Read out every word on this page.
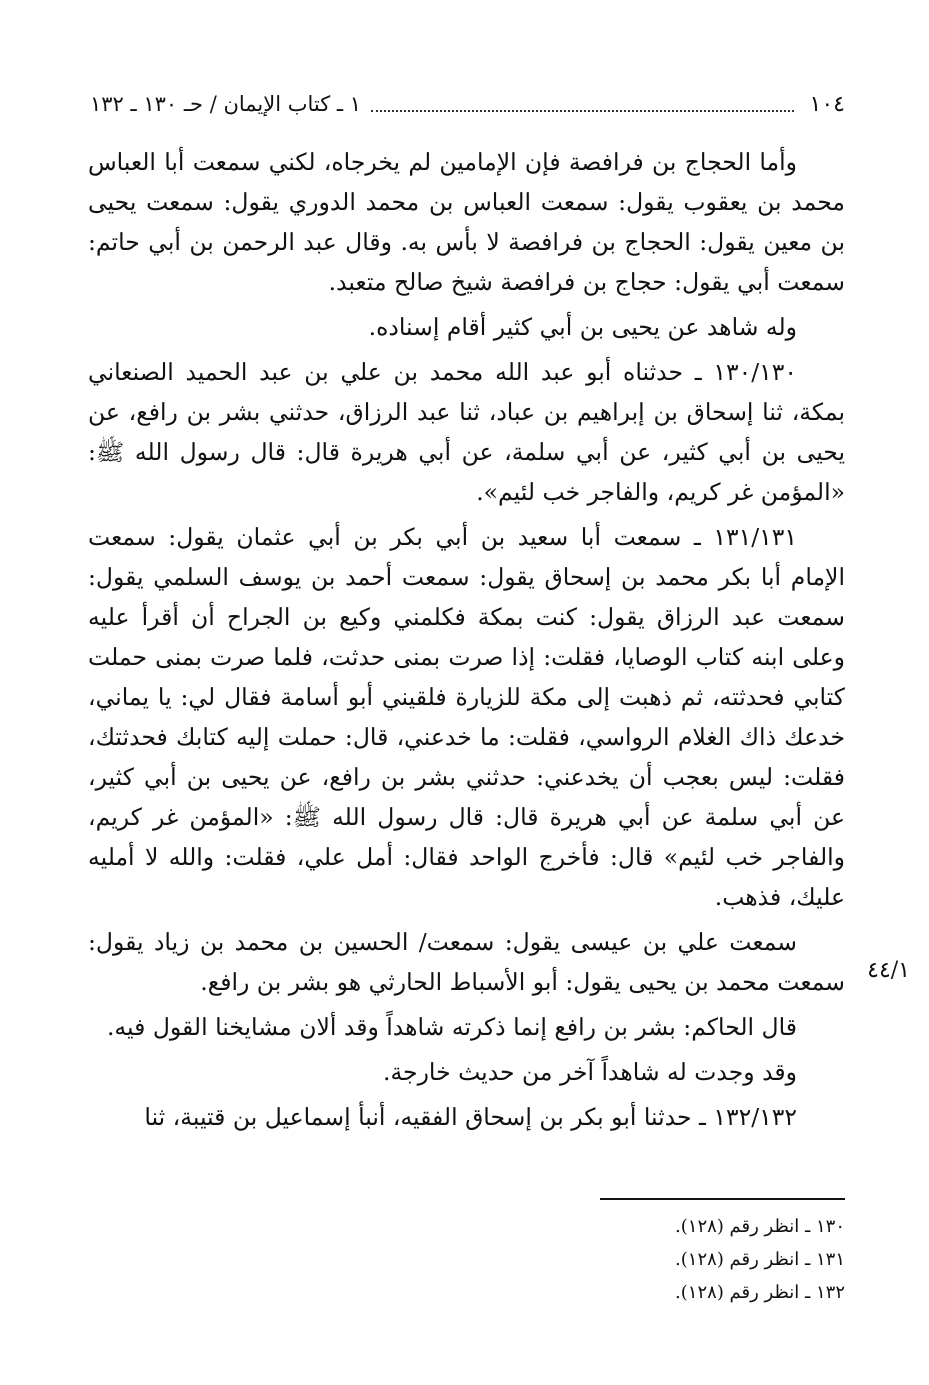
١٠٤
١ ـ كتاب الإيمان / حـ ١٣٠ ـ ١٣٢

وأما الحجاج بن فرافصة فإن الإمامين لم يخرجاه، لكني سمعت أبا العباس محمد بن يعقوب يقول: سمعت العباس بن محمد الدوري يقول: سمعت يحيى بن معين يقول: الحجاج بن فرافصة لا بأس به. وقال عبد الرحمن بن أبي حاتم: سمعت أبي يقول: حجاج بن فرافصة شيخ صالح متعبد.

وله شاهد عن يحيى بن أبي كثير أقام إسناده.

١٣٠/١٣٠ ـ حدثناه أبو عبد الله محمد بن علي بن عبد الحميد الصنعاني بمكة، ثنا إسحاق بن إبراهيم بن عباد، ثنا عبد الرزاق، حدثني بشر بن رافع، عن يحيى بن أبي كثير، عن أبي سلمة، عن أبي هريرة قال: قال رسول الله ﷺ: «المؤمن غر كريم، والفاجر خب لئيم».

١٣١/١٣١ ـ سمعت أبا سعيد بن أبي بكر بن أبي عثمان يقول: سمعت الإمام أبا بكر محمد بن إسحاق يقول: سمعت أحمد بن يوسف السلمي يقول: سمعت عبد الرزاق يقول: كنت بمكة فكلمني وكيع بن الجراح أن أقرأ عليه وعلى ابنه كتاب الوصايا، فقلت: إذا صرت بمنى حدثت، فلما صرت بمنى حملت كتابي فحدثته، ثم ذهبت إلى مكة للزيارة فلقيني أبو أسامة فقال لي: يا يماني، خدعك ذاك الغلام الرواسي، فقلت: ما خدعني، قال: حملت إليه كتابك فحدثتك، فقلت: ليس بعجب أن يخدعني: حدثني بشر بن رافع، عن يحيى بن أبي كثير، عن أبي سلمة عن أبي هريرة قال: قال رسول الله ﷺ: «المؤمن غر كريم، والفاجر خب لئيم» قال: فأخرج الواحد فقال: أمل علي، فقلت: والله لا أمليه عليك، فذهب.

سمعت علي بن عيسى يقول: سمعت/ الحسين بن محمد بن زياد يقول: سمعت محمد بن يحيى يقول: أبو الأسباط الحارثي هو بشر بن رافع.

قال الحاكم: بشر بن رافع إنما ذكرته شاهداً وقد ألان مشايخنا القول فيه.

وقد وجدت له شاهداً آخر من حديث خارجة.

١٣٢/١٣٢ ـ حدثنا أبو بكر بن إسحاق الفقيه، أنبأ إسماعيل بن قتيبة، ثنا

٤٤/١
١٣٠ ـ انظر رقم (١٢٨).
١٣١ ـ انظر رقم (١٢٨).
١٣٢ ـ انظر رقم (١٢٨).
